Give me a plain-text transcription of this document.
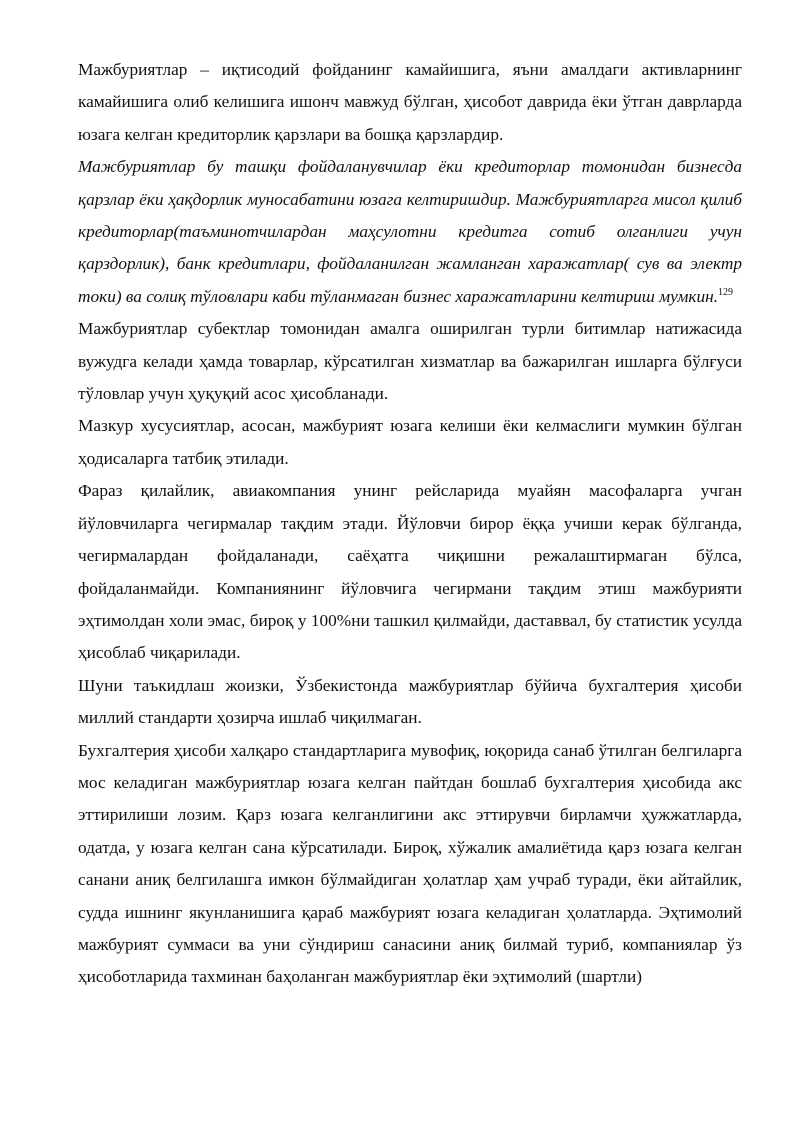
Мажбуриятлар – иқтисодий фойданинг камайишига, яъни амалдаги активларнинг камайишига олиб келишига ишонч мавжуд бўлган, ҳисобот даврида ёки ўтган даврларда юзага келган кредиторлик қарзлари ва бошқа қарзлардир.

Мажбуриятлар бу ташқи фойдаланувчилар ёки кредиторлар томонидан бизнесда қарзлар ёки ҳақдорлик муносабатини юзага келтиришдир. Мажбуриятларга мисол қилиб кредиторлар(таъминотчилардан маҳсулотни кредитга сотиб олганлиги учун қарздорлик), банк кредитлари, фойдаланилган жамланган харажатлар( сув ва электр токи) ва солиқ тўловлари каби тўланмаган бизнес харажатларини келтириш мумкин.$^{129}$

Мажбуриятлар субектлар томонидан амалга оширилган турли битимлар натижасида вужудга келади ҳамда товарлар, кўрсатилган хизматлар ва бажарилган ишларга бўлғуси тўловлар учун ҳуқуқий асос ҳисобланади.

Мазкур хусусиятлар, асосан, мажбурият юзага келиши ёки келмаслиги мумкин бўлган ҳодисаларга татбиқ этилади.

Фараз қилайлик, авиакомпания унинг рейсларида муайян масофаларга учган йўловчиларга чегирмалар тақдим этади. Йўловчи бирор ёққа учиши керак бўлганда, чегирмалардан фойдаланади, саёҳатга чиқишни режалаштирмаган бўлса, фойдаланмайди. Компаниянинг йўловчига чегирмани тақдим этиш мажбурияти эҳтимолдан холи эмас, бироқ у 100%ни ташкил қилмайди, даставвал, бу статистик усулда ҳисоблаб чиқарилади.

Шуни таъкидлаш жоизки, Ўзбекистонда мажбуриятлар бўйича бухгалтерия ҳисоби миллий стандарти ҳозирча ишлаб чиқилмаган.

Бухгалтерия ҳисоби халқаро стандартларига мувофиқ, юқорида санаб ўтилган белгиларга мос келадиган мажбуриятлар юзага келган пайтдан бошлаб бухгалтерия ҳисобида акс эттирилиши лозим. Қарз юзага келганлигини акс эттирувчи бирламчи ҳужжатларда, одатда, у юзага келган сана кўрсатилади. Бироқ, хўжалик амалиётида қарз юзага келган санани аниқ белгилашга имкон бўлмайдиган ҳолатлар ҳам учраб туради, ёки айтайлик, судда ишнинг якунланишига қараб мажбурият юзага келадиган ҳолатларда. Эҳтимолий мажбурият суммаси ва уни сўндириш санасини аниқ билмай туриб, компаниялар ўз ҳисоботларида тахминан баҳоланган мажбуриятлар ёки эҳтимолий (шартли)
